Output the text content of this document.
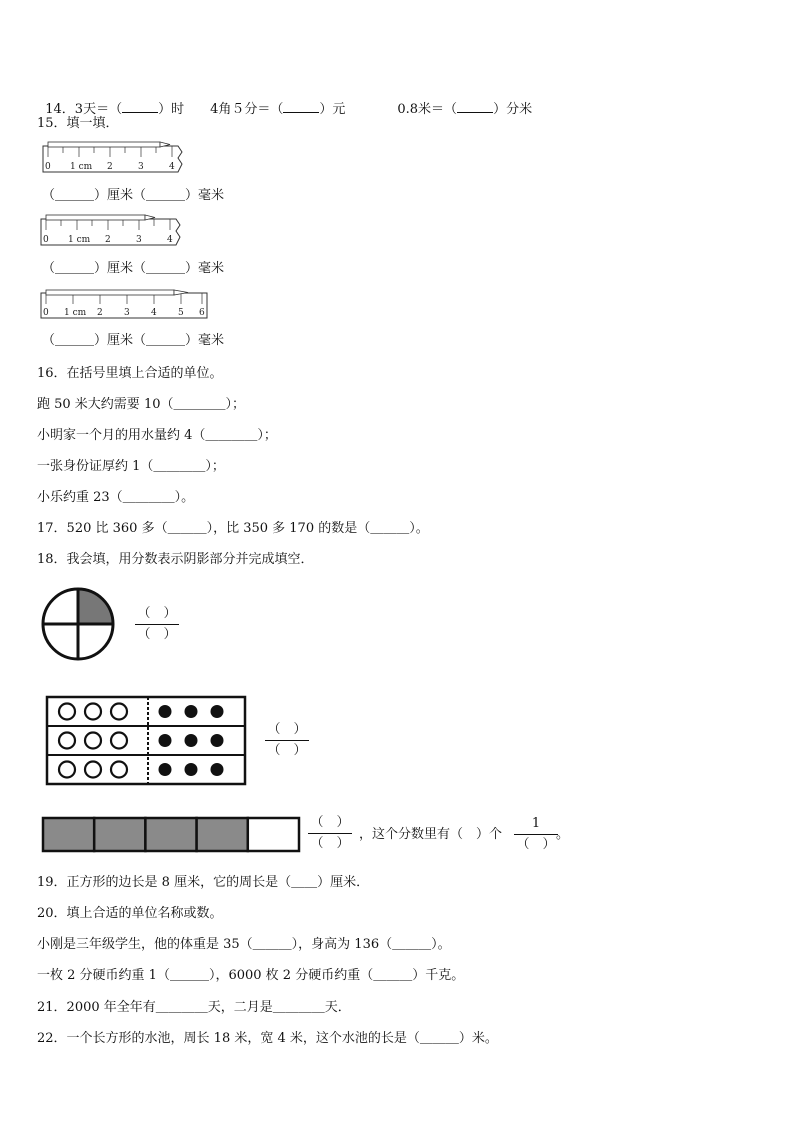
14．3天＝（	）时　　4角５分＝（	）元　　　　0.8米＝（	）分米

15．填一填．
0 1 cm 2	3	4
（＿＿＿）厘米（＿＿＿）毫米
0 1 cm 2	3	4
（＿＿＿）厘米（＿＿＿）毫米
0 1 cm 2 3 4 5 6
（＿＿＿）厘米（＿＿＿）毫米
16．在括号里填上合适的单位。
跑 50 米大约需要 10（＿＿＿＿）；
小明家一个月的用水量约 4（＿＿＿＿）；
一张身份证厚约 1（＿＿＿＿）；
小乐约重 23（＿＿＿＿）。
17．520 比 360 多（＿＿＿），比 350 多 170 的数是（＿＿＿）。
18．我会填，用分数表示阴影部分并完成填空．
（　）
（　）
（　）
（　）
（　）
（　）
，这个分数里有（　）个
1
（　）
。
19．正方形的边长是 8 厘米，它的周长是（＿＿）厘米．
20．填上合适的单位名称或数。
小刚是三年级学生，他的体重是 35（＿＿＿），身高为 136（＿＿＿）。
一枚 2 分硬币约重 1（＿＿＿），6000 枚 2 分硬币约重（＿＿＿）千克。
21．2000 年全年有＿＿＿＿天，二月是＿＿＿＿天．
22．一个长方形的水池，周长 18 米，宽 4 米，这个水池的长是（＿＿＿）米。
